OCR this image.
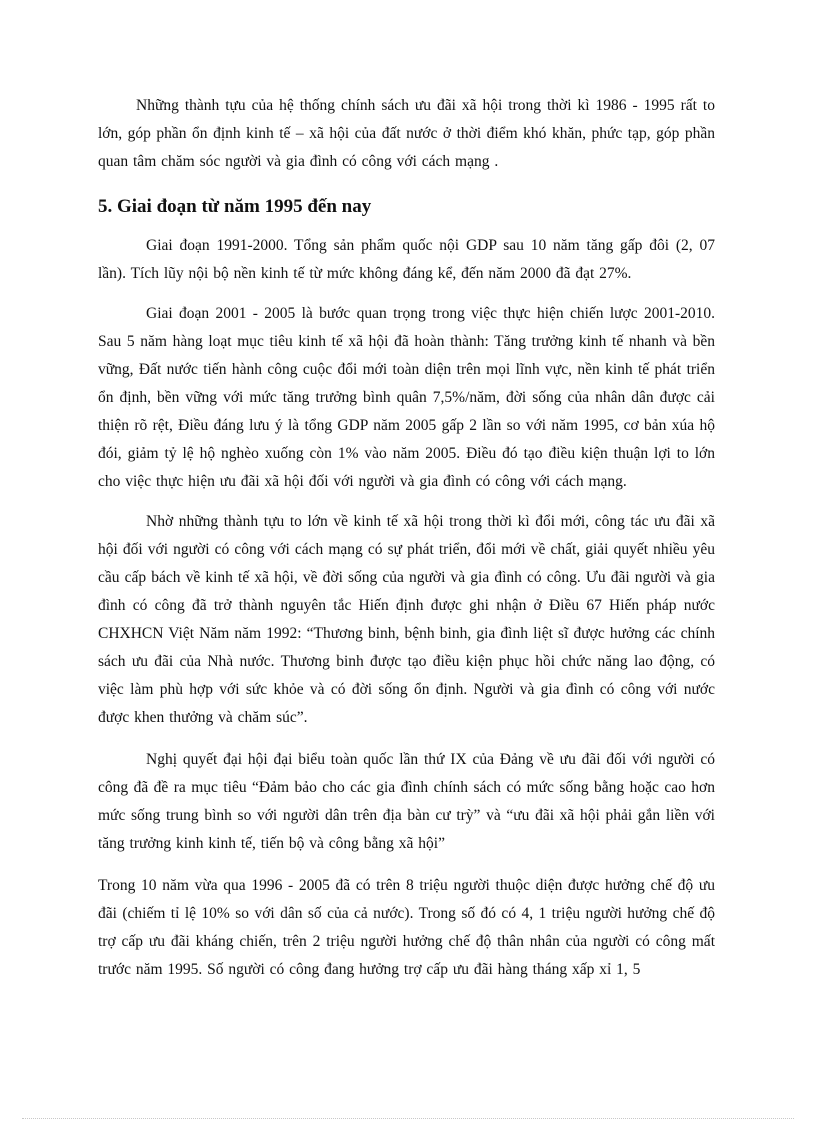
Những thành tựu của hệ thống chính sách ưu đãi xã hội trong thời kì 1986 - 1995 rất to lớn, góp phần ổn định kinh tế – xã hội của đất nước ở thời điểm khó khăn, phức tạp, góp phần quan tâm chăm sóc người và gia đình có công với cách mạng .

5. Giai đoạn từ năm 1995 đến nay

Giai đoạn 1991-2000. Tổng sản phẩm quốc nội GDP sau 10 năm tăng gấp đôi (2, 07 lần). Tích lũy nội bộ nền kinh tế từ mức không đáng kể, đến năm 2000 đã đạt 27%.

Giai đoạn 2001 - 2005 là bước quan trọng trong việc thực hiện chiến lược 2001-2010. Sau 5 năm hàng loạt mục tiêu kinh tế xã hội đã hoàn thành: Tăng trưởng kinh tế nhanh và bền vững, Đất nước tiến hành công cuộc đổi mới toàn diện trên mọi lĩnh vực, nền kinh tế phát triển ổn định, bền vững với mức tăng trưởng bình quân 7,5%/năm, đời sống của nhân dân được cải thiện rõ rệt, Điều đáng lưu ý là tổng GDP năm 2005 gấp 2 lần so với năm 1995, cơ bản xúa hộ đói, giảm tỷ lệ hộ nghèo xuống còn 1% vào năm 2005. Điều đó tạo điều kiện thuận lợi to lớn cho việc thực hiện ưu đãi xã hội đối với người và gia đình có công với cách mạng.

Nhờ những thành tựu to lớn về kinh tế xã hội trong thời kì đổi mới, công tác ưu đãi xã hội đối với người có công với cách mạng có sự phát triển, đổi mới về chất, giải quyết nhiều yêu cầu cấp bách về kinh tế xã hội, về đời sống của người và gia đình có công. Ưu đãi người và gia đình có công đã trở thành nguyên tắc Hiến định được ghi nhận ở Điều 67 Hiến pháp nước CHXHCN Việt Năm năm 1992: “Thương binh, bệnh binh, gia đình liệt sĩ được hưởng các chính sách ưu đãi của Nhà nước. Thương binh được tạo điều kiện phục hồi chức năng lao động, có việc làm phù hợp với sức khỏe và có đời sống ổn định. Người và gia đình có công với nước được khen thưởng và chăm súc”.

Nghị quyết đại hội đại biểu toàn quốc lần thứ IX của Đảng về ưu đãi đối với người có công đã đề ra mục tiêu “Đảm bảo cho các gia đình chính sách có mức sống bằng hoặc cao hơn mức sống trung bình so với người dân trên địa bàn cư trỳ” và “ưu đãi xã hội phải gắn liền với tăng trưởng kinh kinh tế, tiến bộ và công bằng xã hội”

Trong 10 năm vừa qua 1996 - 2005 đã có trên 8 triệu người thuộc diện được hưởng chế độ ưu đãi (chiếm tỉ lệ 10% so với dân số của cả nước). Trong số đó có 4, 1 triệu người hưởng chế độ trợ cấp ưu đãi kháng chiến, trên 2 triệu người hưởng chế độ thân nhân của người có công mất trước năm 1995. Số người có công đang hưởng trợ cấp ưu đãi hàng tháng xấp xỉ 1, 5
